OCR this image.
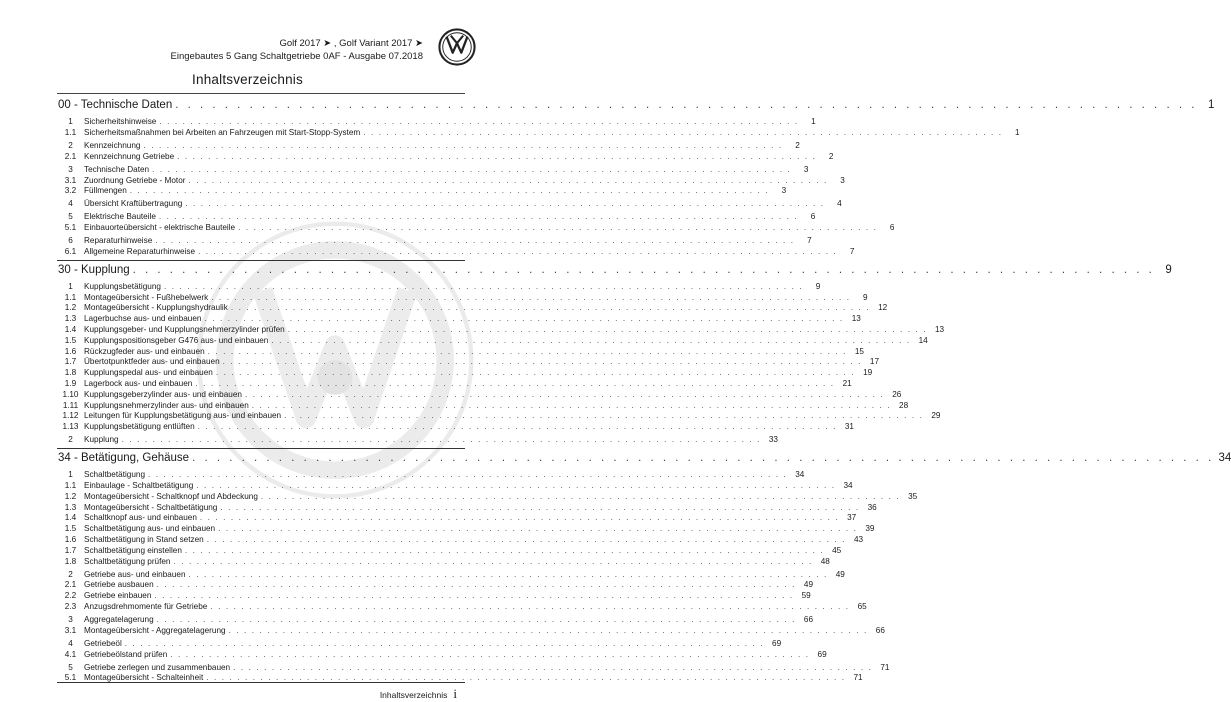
Golf 2017 ➤ , Golf Variant 2017 ➤
Eingebautes 5 Gang Schaltgetriebe 0AF - Ausgabe 07.2018
Inhaltsverzeichnis
00 - Technische Daten . . . . . . . . . . . . . . . . . . . . . . . . . . . . . . . . . . . . . . . . . . . . . . . . . . . . . . . . . . . . . . . . . . . . . . . . . . . . . . . . . . . 1
1	Sicherheitshinweise . . . . . . . . . . . . . . . . . . . . . . . . . . . . . . . . . . . . . . . . . . . . . . . . . . . . . . . . . . . . . . . . . . . . . . . . . . . . . . . . . . .	1
1.1 Sicherheitsmaßnahmen bei Arbeiten an Fahrzeugen mit Start-Stopp-System . . . . . . . . . . . . . . . . . . . . . . . . . . . . . . . . . . . . . . . . . . . . . . . . . . . . . . . . . . . . . . . . . . . . . . . . . . . . . . . . . . .	1
2	Kennzeichnung . . . . . . . . . . . . . . . . . . . . . . . . . . . . . . . . . . . . . . . . . . . . . . . . . . . . . . . . . . . . . . . . . . . . . . . . . . . . . . . . . . .	2
2.1 Kennzeichnung Getriebe . . . . . . . . . . . . . . . . . . . . . . . . . . . . . . . . . . . . . . . . . . . . . . . . . . . . . . . . . . . . . . . . . . . . . . . . . . . . . . . . . . .	2
3	Technische Daten . . . . . . . . . . . . . . . . . . . . . . . . . . . . . . . . . . . . . . . . . . . . . . . . . . . . . . . . . . . . . . . . . . . . . . . . . . . . . . . . . . .	3
3.1 Zuordnung Getriebe - Motor . . . . . . . . . . . . . . . . . . . . . . . . . . . . . . . . . . . . . . . . . . . . . . . . . . . . . . . . . . . . . . . . . . . . . . . . . . . . . . . . . . .	3
3.2 Füllmengen . . . . . . . . . . . . . . . . . . . . . . . . . . . . . . . . . . . . . . . . . . . . . . . . . . . . . . . . . . . . . . . . . . . . . . . . . . . . . . . . . . .	3
4	Übersicht Kraftübertragung . . . . . . . . . . . . . . . . . . . . . . . . . . . . . . . . . . . . . . . . . . . . . . . . . . . . . . . . . . . . . . . . . . . . . . . . . . . . . . . . . . .	4
5	Elektrische Bauteile . . . . . . . . . . . . . . . . . . . . . . . . . . . . . . . . . . . . . . . . . . . . . . . . . . . . . . . . . . . . . . . . . . . . . . . . . . . . . . . . . . .	6
5.1 Einbauorteübersicht - elektrische Bauteile . . . . . . . . . . . . . . . . . . . . . . . . . . . . . . . . . . . . . . . . . . . . . . . . . . . . . . . . . . . . . . . . . . . . . . . . . . . . . . . . . . .	6
6	Reparaturhinweise . . . . . . . . . . . . . . . . . . . . . . . . . . . . . . . . . . . . . . . . . . . . . . . . . . . . . . . . . . . . . . . . . . . . . . . . . . . . . . . . . . .	7
6.1 Allgemeine Reparaturhinweise . . . . . . . . . . . . . . . . . . . . . . . . . . . . . . . . . . . . . . . . . . . . . . . . . . . . . . . . . . . . . . . . . . . . . . . . . . . . . . . . . . .	7
30 - Kupplung . . . . . . . . . . . . . . . . . . . . . . . . . . . . . . . . . . . . . . . . . . . . . . . . . . . . . . . . . . . . . . . . . . . . . . . . . . . . . . . . . . . 9
1	Kupplungsbetätigung . . . . . . . . . . . . . . . . . . . . . . . . . . . . . . . . . . . . . . . . . . . . . . . . . . . . . . . . . . . . . . . . . . . . . . . . . . . . . . . . . . .	9
1.1 Montageübersicht - Fußhebelwerk . . . . . . . . . . . . . . . . . . . . . . . . . . . . . . . . . . . . . . . . . . . . . . . . . . . . . . . . . . . . . . . . . . . . . . . . . . . . . . . . . . .	9
1.2 Montageübersicht - Kupplungshydraulik . . . . . . . . . . . . . . . . . . . . . . . . . . . . . . . . . . . . . . . . . . . . . . . . . . . . . . . . . . . . . . . . . . . . . . . . . . . . . . . . . . . 12
1.3 Lagerbuchse aus- und einbauen . . . . . . . . . . . . . . . . . . . . . . . . . . . . . . . . . . . . . . . . . . . . . . . . . . . . . . . . . . . . . . . . . . . . . . . . . . . . . . . . . . . 13
1.4 Kupplungsgeber- und Kupplungsnehmerzylinder prüfen . . . . . . . . . . . . . . . . . . . . . . . . . . . . . . . . . . . . . . . . . . . . . . . . . . . . . . . . . . . . . . . . . . . . . . . . . . . . . . . . . . . 13
1.5 Kupplungspositionsgeber G476 aus- und einbauen . . . . . . . . . . . . . . . . . . . . . . . . . . . . . . . . . . . . . . . . . . . . . . . . . . . . . . . . . . . . . . . . . . . . . . . . . . . . . . . . . . . 14
1.6 Rückzugfeder aus- und einbauen . . . . . . . . . . . . . . . . . . . . . . . . . . . . . . . . . . . . . . . . . . . . . . . . . . . . . . . . . . . . . . . . . . . . . . . . . . . . . . . . . . . 15
1.7 Übertotpunktfeder aus- und einbauen . . . . . . . . . . . . . . . . . . . . . . . . . . . . . . . . . . . . . . . . . . . . . . . . . . . . . . . . . . . . . . . . . . . . . . . . . . . . . . . . . . . 17
1.8 Kupplungspedal aus- und einbauen . . . . . . . . . . . . . . . . . . . . . . . . . . . . . . . . . . . . . . . . . . . . . . . . . . . . . . . . . . . . . . . . . . . . . . . . . . . . . . . . . . . 19
1.9 Lagerbock aus- und einbauen . . . . . . . . . . . . . . . . . . . . . . . . . . . . . . . . . . . . . . . . . . . . . . . . . . . . . . . . . . . . . . . . . . . . . . . . . . . . . . . . . . . 21
1.10 Kupplungsgeberzylinder aus- und einbauen . . . . . . . . . . . . . . . . . . . . . . . . . . . . . . . . . . . . . . . . . . . . . . . . . . . . . . . . . . . . . . . . . . . . . . . . . . . . . . . . . . . 26
1.11 Kupplungsnehmerzylinder aus- und einbauen . . . . . . . . . . . . . . . . . . . . . . . . . . . . . . . . . . . . . . . . . . . . . . . . . . . . . . . . . . . . . . . . . . . . . . . . . . . . . . . . . . . 28
1.12 Leitungen für Kupplungsbetätigung aus- und einbauen . . . . . . . . . . . . . . . . . . . . . . . . . . . . . . . . . . . . . . . . . . . . . . . . . . . . . . . . . . . . . . . . . . . . . . . . . . . . . . . . . . . 29
1.13 Kupplungsbetätigung entlüften . . . . . . . . . . . . . . . . . . . . . . . . . . . . . . . . . . . . . . . . . . . . . . . . . . . . . . . . . . . . . . . . . . . . . . . . . . . . . . . . . . . 31
2	Kupplung . . . . . . . . . . . . . . . . . . . . . . . . . . . . . . . . . . . . . . . . . . . . . . . . . . . . . . . . . . . . . . . . . . . . . . . . . . . . . . . . . . . 33
34 - Betätigung, Gehäuse . . . . . . . . . . . . . . . . . . . . . . . . . . . . . . . . . . . . . . . . . . . . . . . . . . . . . . . . . . . . . . . . . . . . . . . . . . . . . . . . . . . 34
1	Schaltbetätigung . . . . . . . . . . . . . . . . . . . . . . . . . . . . . . . . . . . . . . . . . . . . . . . . . . . . . . . . . . . . . . . . . . . . . . . . . . . . . . . . . . . 34
1.1 Einbaulage - Schaltbetätigung . . . . . . . . . . . . . . . . . . . . . . . . . . . . . . . . . . . . . . . . . . . . . . . . . . . . . . . . . . . . . . . . . . . . . . . . . . . . . . . . . . . 34
1.2 Montageübersicht - Schaltknopf und Abdeckung . . . . . . . . . . . . . . . . . . . . . . . . . . . . . . . . . . . . . . . . . . . . . . . . . . . . . . . . . . . . . . . . . . . . . . . . . . . . . . . . . . . 35
1.3 Montageübersicht - Schaltbetätigung . . . . . . . . . . . . . . . . . . . . . . . . . . . . . . . . . . . . . . . . . . . . . . . . . . . . . . . . . . . . . . . . . . . . . . . . . . . . . . . . . . . 36
1.4 Schaltknopf aus- und einbauen . . . . . . . . . . . . . . . . . . . . . . . . . . . . . . . . . . . . . . . . . . . . . . . . . . . . . . . . . . . . . . . . . . . . . . . . . . . . . . . . . . . 37
1.5 Schaltbetätigung aus- und einbauen . . . . . . . . . . . . . . . . . . . . . . . . . . . . . . . . . . . . . . . . . . . . . . . . . . . . . . . . . . . . . . . . . . . . . . . . . . . . . . . . . . . 39
1.6 Schaltbetätigung in Stand setzen . . . . . . . . . . . . . . . . . . . . . . . . . . . . . . . . . . . . . . . . . . . . . . . . . . . . . . . . . . . . . . . . . . . . . . . . . . . . . . . . . . . 43
1.7 Schaltbetätigung einstellen . . . . . . . . . . . . . . . . . . . . . . . . . . . . . . . . . . . . . . . . . . . . . . . . . . . . . . . . . . . . . . . . . . . . . . . . . . . . . . . . . . . 45
1.8 Schaltbetätigung prüfen . . . . . . . . . . . . . . . . . . . . . . . . . . . . . . . . . . . . . . . . . . . . . . . . . . . . . . . . . . . . . . . . . . . . . . . . . . . . . . . . . . . 48
2	Getriebe aus- und einbauen . . . . . . . . . . . . . . . . . . . . . . . . . . . . . . . . . . . . . . . . . . . . . . . . . . . . . . . . . . . . . . . . . . . . . . . . . . . . . . . . . . . 49
2.1 Getriebe ausbauen . . . . . . . . . . . . . . . . . . . . . . . . . . . . . . . . . . . . . . . . . . . . . . . . . . . . . . . . . . . . . . . . . . . . . . . . . . . . . . . . . . . 49
2.2 Getriebe einbauen . . . . . . . . . . . . . . . . . . . . . . . . . . . . . . . . . . . . . . . . . . . . . . . . . . . . . . . . . . . . . . . . . . . . . . . . . . . . . . . . . . . 59
2.3 Anzugsdrehmomente für Getriebe . . . . . . . . . . . . . . . . . . . . . . . . . . . . . . . . . . . . . . . . . . . . . . . . . . . . . . . . . . . . . . . . . . . . . . . . . . . . . . . . . . . 65
3	Aggregatelagerung . . . . . . . . . . . . . . . . . . . . . . . . . . . . . . . . . . . . . . . . . . . . . . . . . . . . . . . . . . . . . . . . . . . . . . . . . . . . . . . . . . . 66
3.1 Montageübersicht - Aggregatelagerung . . . . . . . . . . . . . . . . . . . . . . . . . . . . . . . . . . . . . . . . . . . . . . . . . . . . . . . . . . . . . . . . . . . . . . . . . . . . . . . . . . . 66
4	Getriebeöl . . . . . . . . . . . . . . . . . . . . . . . . . . . . . . . . . . . . . . . . . . . . . . . . . . . . . . . . . . . . . . . . . . . . . . . . . . . . . . . . . . . 69
4.1 Getriebeölstand prüfen . . . . . . . . . . . . . . . . . . . . . . . . . . . . . . . . . . . . . . . . . . . . . . . . . . . . . . . . . . . . . . . . . . . . . . . . . . . . . . . . . . . 69
5	Getriebe zerlegen und zusammenbauen . . . . . . . . . . . . . . . . . . . . . . . . . . . . . . . . . . . . . . . . . . . . . . . . . . . . . . . . . . . . . . . . . . . . . . . . . . . . . . . . . . . 71
5.1 Montageübersicht - Schalteinheit . . . . . . . . . . . . . . . . . . . . . . . . . . . . . . . . . . . . . . . . . . . . . . . . . . . . . . . . . . . . . . . . . . . . . . . . . . . . . . . . . . . 71
Inhaltsverzeichnis i
